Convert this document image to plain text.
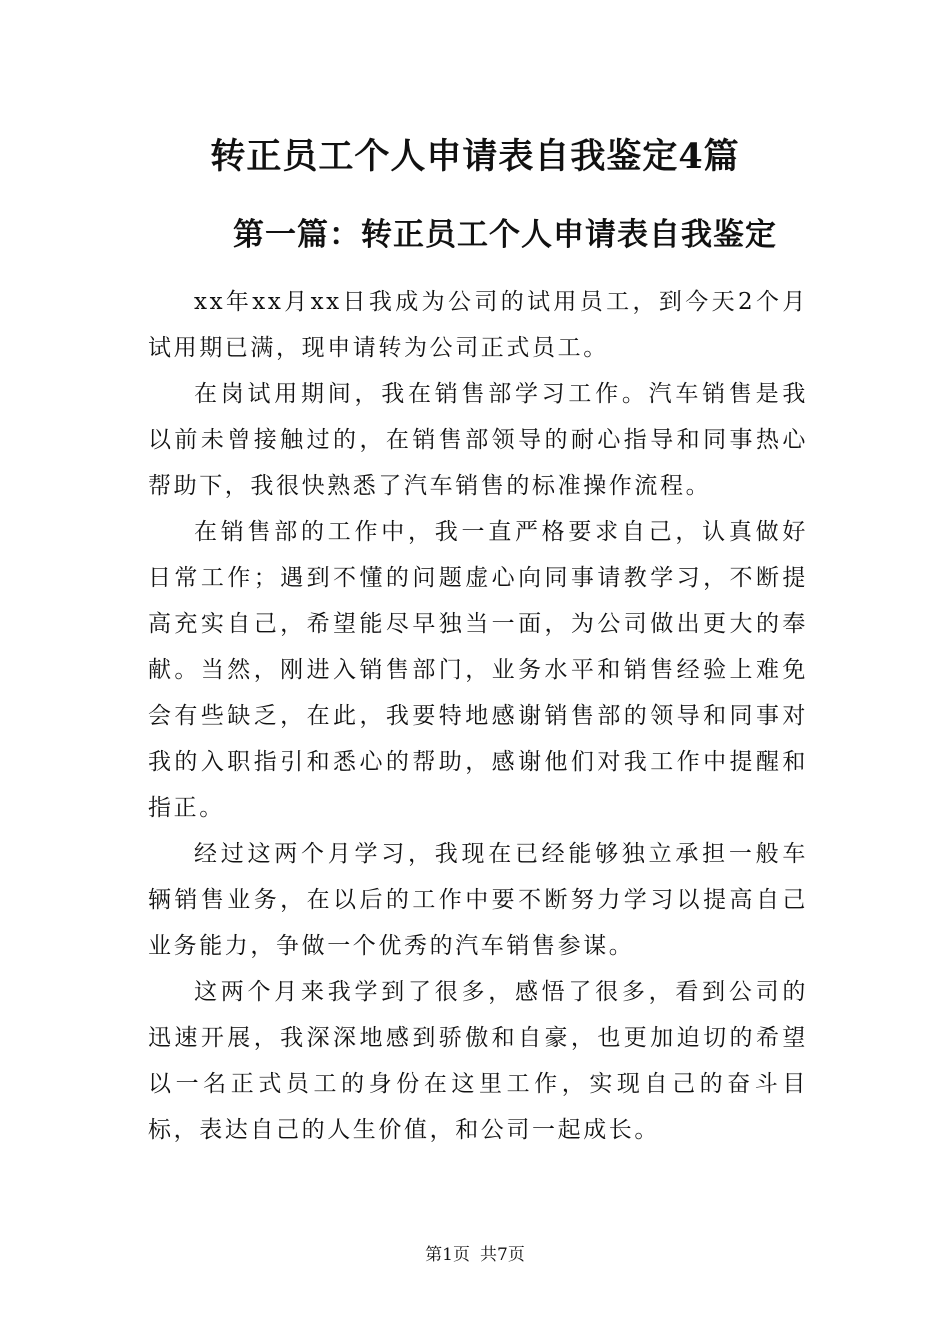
转正员工个人申请表自我鉴定4篇
第一篇：转正员工个人申请表自我鉴定

xx年xx月xx日我成为公司的试用员工，到今天2个月试用期已满，现申请转为公司正式员工。

在岗试用期间，我在销售部学习工作。汽车销售是我以前未曾接触过的，在销售部领导的耐心指导和同事热心帮助下，我很快熟悉了汽车销售的标准操作流程。

在销售部的工作中，我一直严格要求自己，认真做好日常工作；遇到不懂的问题虚心向同事请教学习，不断提高充实自己，希望能尽早独当一面，为公司做出更大的奉献。当然，刚进入销售部门，业务水平和销售经验上难免会有些缺乏，在此，我要特地感谢销售部的领导和同事对我的入职指引和悉心的帮助，感谢他们对我工作中提醒和指正。

经过这两个月学习，我现在已经能够独立承担一般车辆销售业务，在以后的工作中要不断努力学习以提高自己业务能力，争做一个优秀的汽车销售参谋。

这两个月来我学到了很多，感悟了很多，看到公司的迅速开展，我深深地感到骄傲和自豪，也更加迫切的希望以一名正式员工的身份在这里工作，实现自己的奋斗目标，表达自己的人生价值，和公司一起成长。

第1页 共7页
